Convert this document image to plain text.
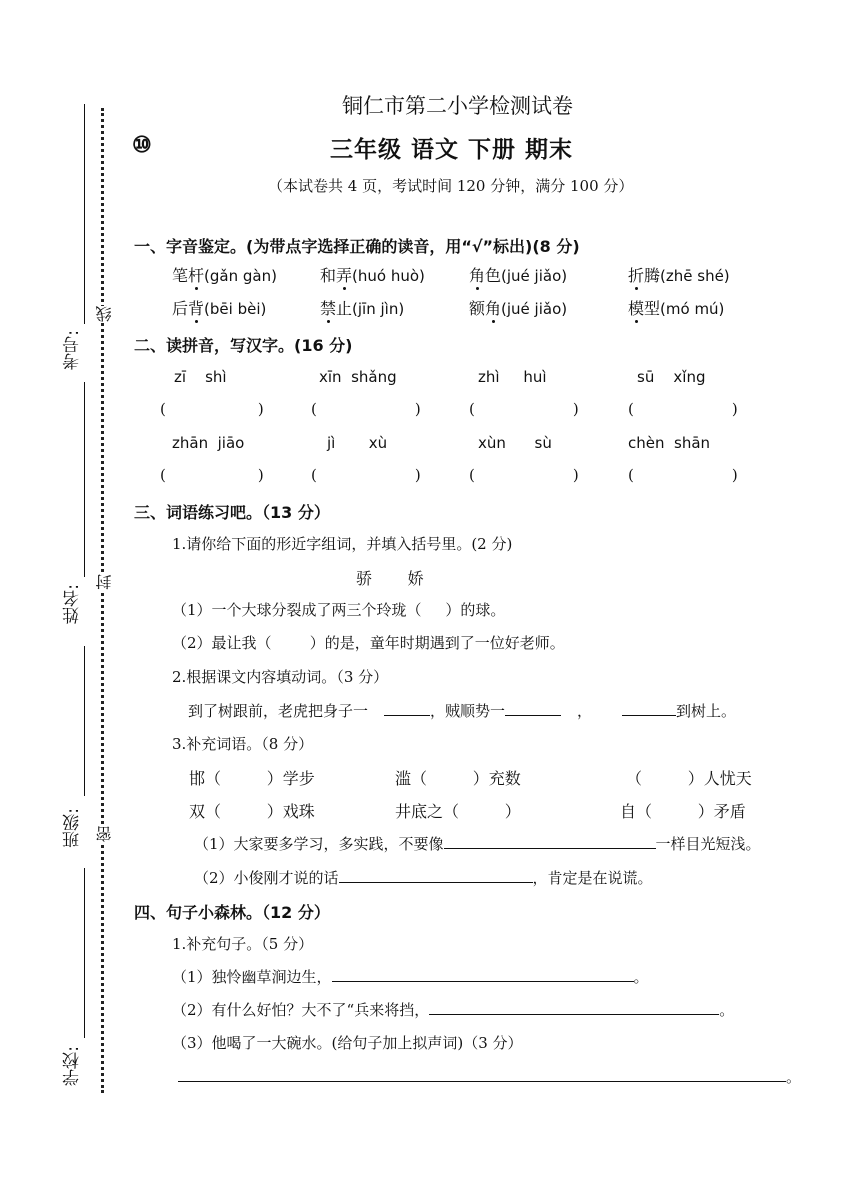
考号:
姓名:
班级:
学校:
线
封
密
铜仁市第二小学检测试卷
⑩	三年级 语文 下册 期末
（本试卷共 4 页，考试时间 120 分钟，满分 100 分）
一、字音鉴定。(为带点字选择正确的读音，用“√”标出)(8 分)
笔杆(gǎn gàn)	和弄(huó huò)	角色(jué jiǎo)	折腾(zhē shé)
后背(bēi bèi)	禁止(jīn jìn)	额角(jué jiǎo)	模型(mó mú)
二、读拼音，写汉字。(16 分)
zī    shì	xīn  shǎng	zhì     huì	sū    xǐng
(	)	(	)	(	)	(	)
zhān  jiāo	jì       xù	xùn      sù	chèn  shān
(	)	(	)	(	)	(	)
三、词语练习吧。（13 分）
1.请你给下面的形近字组词，并填入括号里。(2 分)
骄       娇
（1）一个大球分裂成了两三个玲珑（     ）的球。
（2）最让我（        ）的是，童年时期遇到了一位好老师。
2.根据课文内容填动词。（3 分）
到了树跟前，老虎把身子一	，贼顺势一	，	到树上。
3.补充词语。（8 分）
邯（         ）学步	滥（         ）充数	（         ）人忧天
双（         ）戏珠	井底之（         ）	自（         ）矛盾
（1）大家要多学习，多实践，不要像	一样目光短浅。
（2）小俊刚才说的话	，肯定是在说谎。
四、句子小森林。（12 分）
1.补充句子。（5 分）
（1）独怜幽草涧边生，	。
（2）有什么好怕？大不了“兵来将挡，	。
（3）他喝了一大碗水。(给句子加上拟声词)（3 分）
。
